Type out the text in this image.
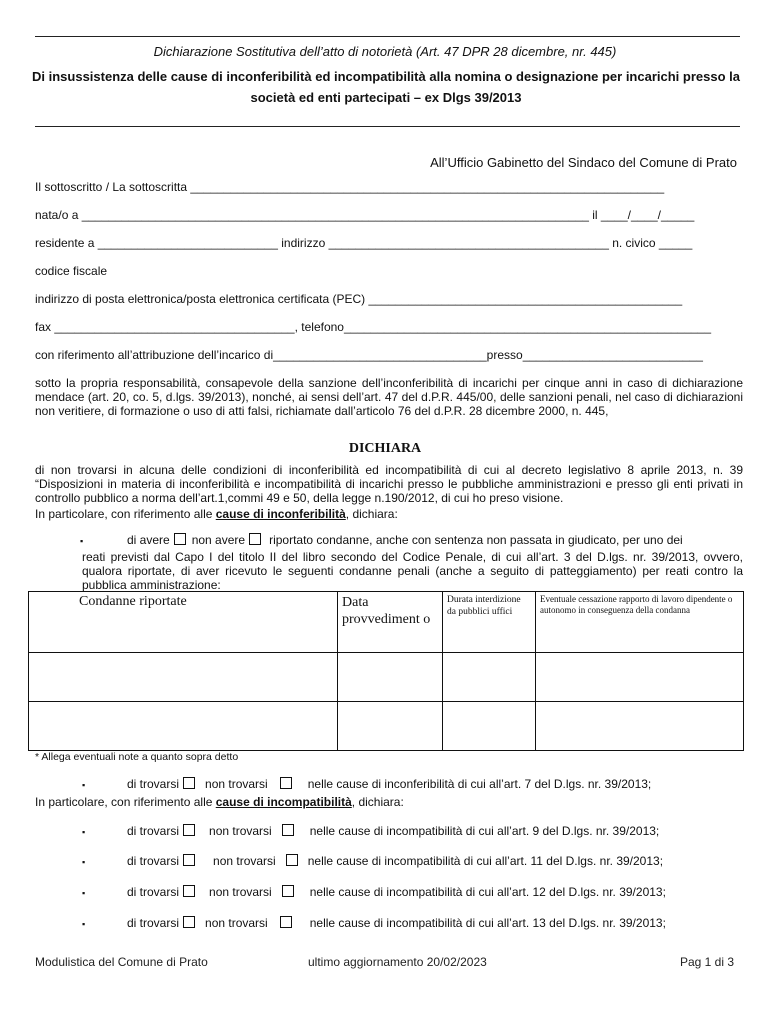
Dichiarazione Sostitutiva dell’atto di notorietà (Art. 47 DPR 28 dicembre, nr. 445)
Di insussistenza delle cause di inconferibilità ed incompatibilità alla nomina o designazione per incarichi presso la società ed enti partecipati – ex Dlgs 39/2013
All’Ufficio Gabinetto del Sindaco del Comune di Prato
Il sottoscritto / La sottoscritta _______________________________________________________________________
nata/o a ____________________________________________________________________________ il ____/____/_____
residente a ___________________________ indirizzo __________________________________________ n. civico _____
codice fiscale
indirizzo di posta elettronica/posta elettronica certificata (PEC) _______________________________________________
fax ____________________________________, telefono_______________________________________________________
con riferimento all’attribuzione dell’incarico di________________________________presso___________________________
sotto la propria responsabilità, consapevole della sanzione dell’inconferibilità di incarichi per cinque anni in caso di dichiarazione mendace (art. 20, co. 5, d.lgs. 39/2013), nonché, ai sensi dell’art. 47 del d.P.R. 445/00, delle sanzioni penali, nel caso di dichiarazioni non veritiere, di formazione o uso di atti falsi, richiamate dall’articolo 76 del d.P.R. 28 dicembre 2000, n. 445,
DICHIARA
di non trovarsi in alcuna delle condizioni di inconferibilità ed incompatibilità di cui al decreto legislativo 8 aprile 2013, n. 39 “Disposizioni in materia di inconferibilità e incompatibilità di incarichi presso le pubbliche amministrazioni e presso gli enti privati in controllo pubblico a norma dell’art.1,commi 49 e 50, della legge n.190/2012, di cui ho preso visione.
In particolare, con riferimento alle cause di inconferibilità, dichiara:
▪	di avere non avere riportato condanne, anche con sentenza non passata in giudicato, per uno dei
reati previsti dal Capo I del titolo II del libro secondo del Codice Penale, di cui all’art. 3 del D.lgs. nr. 39/2013, ovvero, qualora riportate, di aver ricevuto le seguenti condanne penali (anche a seguito di patteggiamento) per reati contro la pubblica amministrazione:
Condanne riportate	Data provvediment o	Durata interdizione da pubblici uffici	Eventuale cessazione rapporto di lavoro dipendente o autonomo in conseguenza della condanna

* Allega eventuali note a quanto sopra detto
▪	di trovarsi non trovarsi	nelle cause di inconferibilità di cui all’art. 7 del D.lgs. nr. 39/2013;
In particolare, con riferimento alle cause di incompatibilità, dichiara:
▪	di trovarsi	non trovarsi	nelle cause di incompatibilità di cui all’art. 9 del D.lgs. nr. 39/2013;
▪	di trovarsi	non trovarsi	nelle cause di incompatibilità di cui all’art. 11 del D.lgs. nr. 39/2013;
▪	di trovarsi	non trovarsi	nelle cause di incompatibilità di cui all’art. 12 del D.lgs. nr. 39/2013;
▪	di trovarsi non trovarsi	nelle cause di incompatibilità di cui all’art. 13 del D.lgs. nr. 39/2013;
Modulistica del Comune di Prato	ultimo aggiornamento 20/02/2023	Pag 1 di 3
